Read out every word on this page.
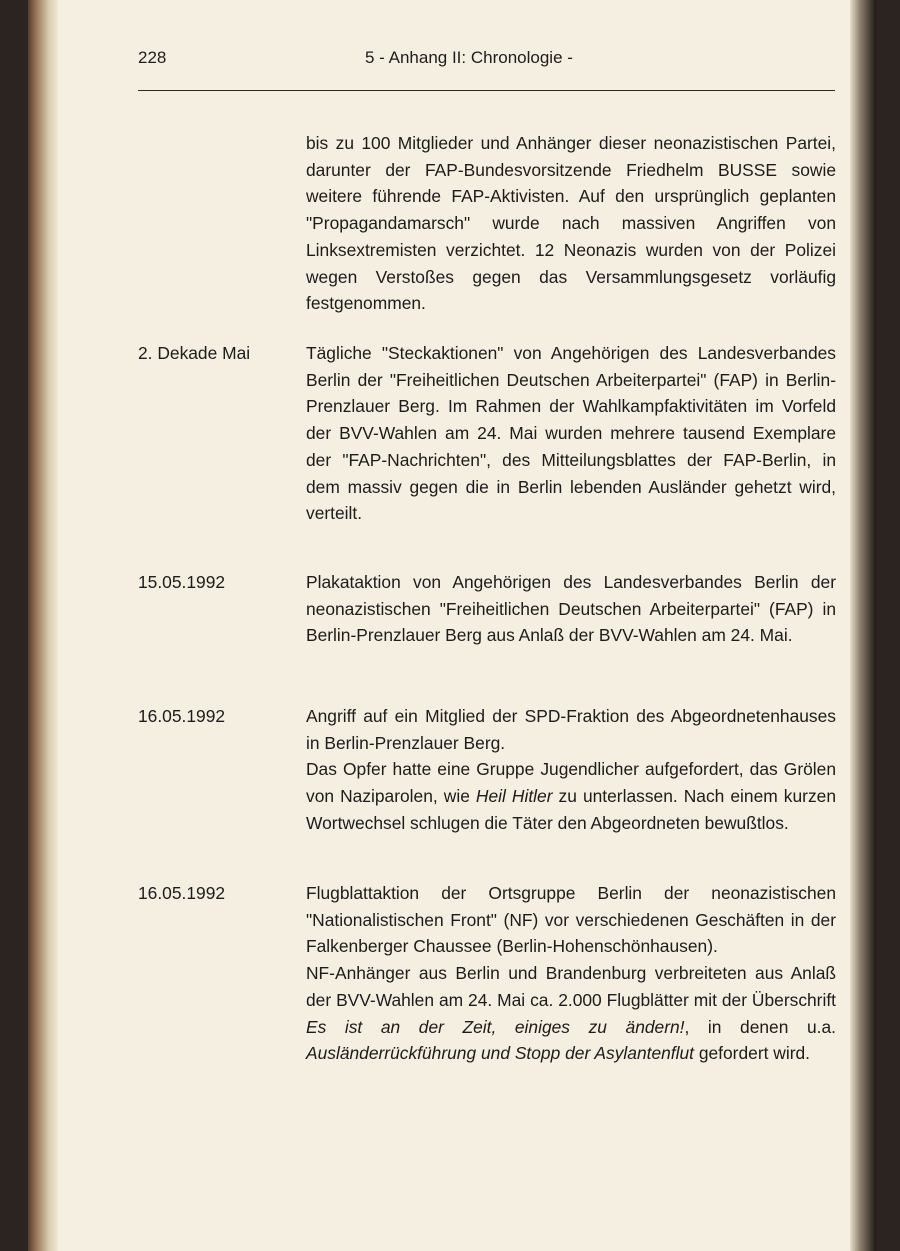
228	5 - Anhang II: Chronologie -

bis zu 100 Mitglieder und Anhänger dieser neonazistischen Partei, darunter der FAP-Bundesvorsitzende Friedhelm BUSSE sowie weitere führende FAP-Aktivisten. Auf den ursprünglich geplanten "Propagandamarsch" wurde nach massiven Angriffen von Linksextremisten verzichtet. 12 Neonazis wurden von der Polizei wegen Verstoßes gegen das Versammlungsgesetz vorläufig festgenommen.

2. Dekade Mai	Tägliche "Steckaktionen" von Angehörigen des Landesverbandes Berlin der "Freiheitlichen Deutschen Arbeiterpartei" (FAP) in Berlin-Prenzlauer Berg. Im Rahmen der Wahlkampfaktivitäten im Vorfeld der BVV-Wahlen am 24. Mai wurden mehrere tausend Exemplare der "FAP-Nachrichten", des Mitteilungsblattes der FAP-Berlin, in dem massiv gegen die in Berlin lebenden Ausländer gehetzt wird, verteilt.

15.05.1992	Plakataktion von Angehörigen des Landesverbandes Berlin der neonazistischen "Freiheitlichen Deutschen Arbeiterpartei" (FAP) in Berlin-Prenzlauer Berg aus Anlaß der BVV-Wahlen am 24. Mai.

16.05.1992	Angriff auf ein Mitglied der SPD-Fraktion des Abgeordnetenhauses in Berlin-Prenzlauer Berg.

Das Opfer hatte eine Gruppe Jugendlicher aufgefordert, das Grölen von Naziparolen, wie Heil Hitler zu unterlassen. Nach einem kurzen Wortwechsel schlugen die Täter den Abgeordneten bewußtlos.

16.05.1992	Flugblattaktion der Ortsgruppe Berlin der neonazistischen "Nationalistischen Front" (NF) vor verschiedenen Geschäften in der Falkenberger Chaussee (Berlin-Hohenschönhausen).

NF-Anhänger aus Berlin und Brandenburg verbreiteten aus Anlaß der BVV-Wahlen am 24. Mai ca. 2.000 Flugblätter mit der Überschrift Es ist an der Zeit, einiges zu ändern!, in denen u.a. Ausländerrückführung und Stopp der Asylantenflut gefordert wird.
